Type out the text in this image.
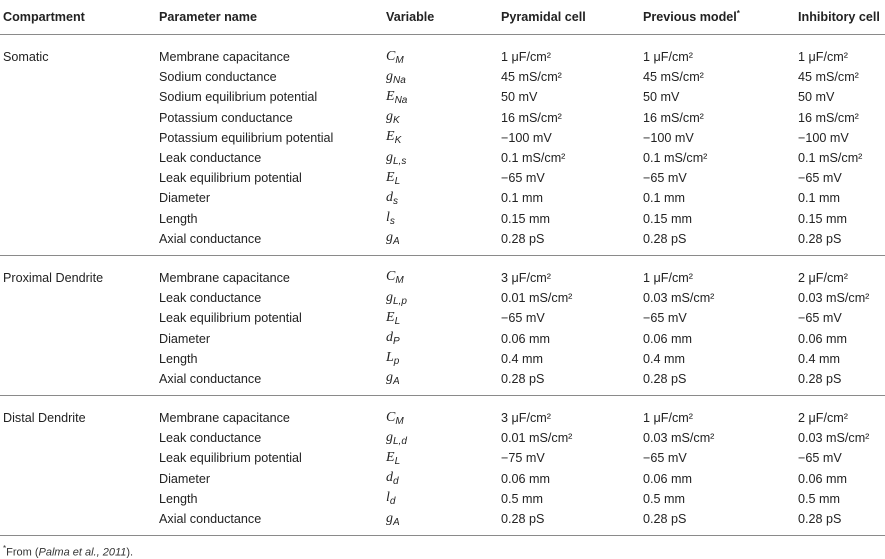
Compartment	Parameter name	Variable	Pyramidal cell	Previous model*	Inhibitory cell
Somatic	Membrane capacitance	$C_M$	1 μF/cm²	1 μF/cm²	1 μF/cm²
	Sodium conductance	$g_{Na}$	45 mS/cm²	45 mS/cm²	45 mS/cm²
	Sodium equilibrium potential	$E_{Na}$	50 mV	50 mV	50 mV
	Potassium conductance	$g_K$	16 mS/cm²	16 mS/cm²	16 mS/cm²
	Potassium equilibrium potential	$E_K$	−100 mV	−100 mV	−100 mV
	Leak conductance	$g_{L,s}$	0.1 mS/cm²	0.1 mS/cm²	0.1 mS/cm²
	Leak equilibrium potential	$E_L$	−65 mV	−65 mV	−65 mV
	Diameter	$d_s$	0.1 mm	0.1 mm	0.1 mm
	Length	$l_s$	0.15 mm	0.15 mm	0.15 mm
	Axial conductance	$g_A$	0.28 pS	0.28 pS	0.28 pS
Proximal Dendrite	Membrane capacitance	$C_M$	3 μF/cm²	1 μF/cm²	2 μF/cm²
	Leak conductance	$g_{L,p}$	0.01 mS/cm²	0.03 mS/cm²	0.03 mS/cm²
	Leak equilibrium potential	$E_L$	−65 mV	−65 mV	−65 mV
	Diameter	$d_P$	0.06 mm	0.06 mm	0.06 mm
	Length	$L_p$	0.4 mm	0.4 mm	0.4 mm
	Axial conductance	$g_A$	0.28 pS	0.28 pS	0.28 pS
Distal Dendrite	Membrane capacitance	$C_M$	3 μF/cm²	1 μF/cm²	2 μF/cm²
	Leak conductance	$g_{L,d}$	0.01 mS/cm²	0.03 mS/cm²	0.03 mS/cm²
	Leak equilibrium potential	$E_L$	−75 mV	−65 mV	−65 mV
	Diameter	$d_d$	0.06 mm	0.06 mm	0.06 mm
	Length	$l_d$	0.5 mm	0.5 mm	0.5 mm
	Axial conductance	$g_A$	0.28 pS	0.28 pS	0.28 pS
*From (Palma et al., 2011).
